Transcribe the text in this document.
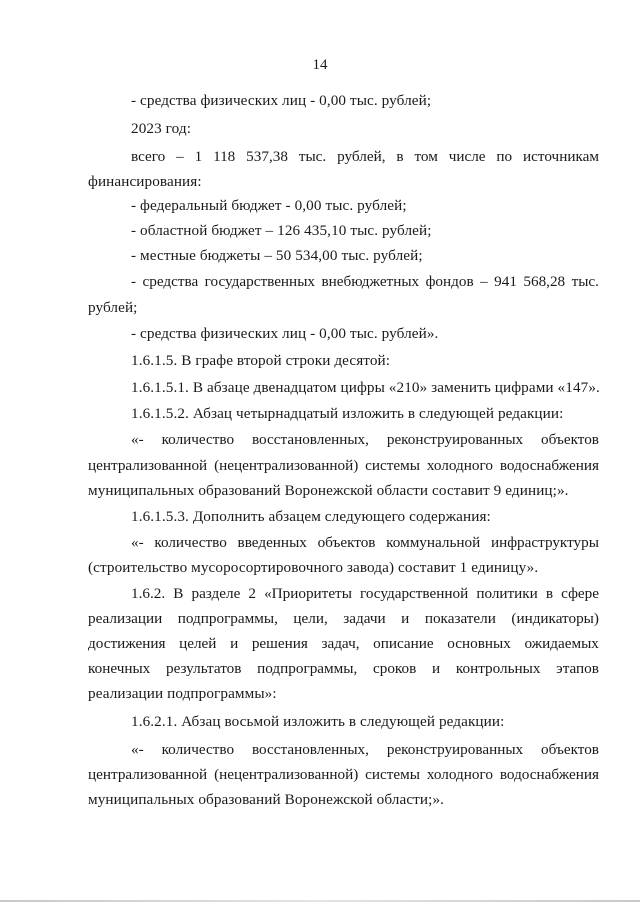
14
- средства физических лиц - 0,00 тыс. рублей;
2023 год:
всего – 1 118 537,38 тыс. рублей, в том числе по источникам
финансирования:
- федеральный бюджет - 0,00 тыс. рублей;
- областной бюджет – 126 435,10 тыс. рублей;
- местные бюджеты – 50 534,00 тыс. рублей;
- средства государственных внебюджетных фондов – 941 568,28 тыс.
рублей;
- средства физических лиц - 0,00 тыс. рублей».
1.6.1.5. В графе второй строки десятой:
1.6.1.5.1. В абзаце двенадцатом цифры «210» заменить цифрами «147».
1.6.1.5.2. Абзац четырнадцатый изложить в следующей редакции:
«- количество восстановленных, реконструированных объектов
централизованной (нецентрализованной) системы холодного водоснабжения
муниципальных образований Воронежской области составит 9 единиц;».
1.6.1.5.3. Дополнить абзацем следующего содержания:
«- количество введенных объектов коммунальной инфраструктуры
(строительство мусоросортировочного завода) составит 1 единицу».
1.6.2. В разделе 2 «Приоритеты государственной политики в сфере
реализации подпрограммы, цели, задачи и показатели (индикаторы)
достижения целей и решения задач, описание основных ожидаемых
конечных результатов подпрограммы, сроков и контрольных этапов
реализации подпрограммы»:
1.6.2.1. Абзац восьмой изложить в следующей редакции:
«- количество восстановленных, реконструированных объектов
централизованной (нецентрализованной) системы холодного водоснабжения
муниципальных образований Воронежской области;».
